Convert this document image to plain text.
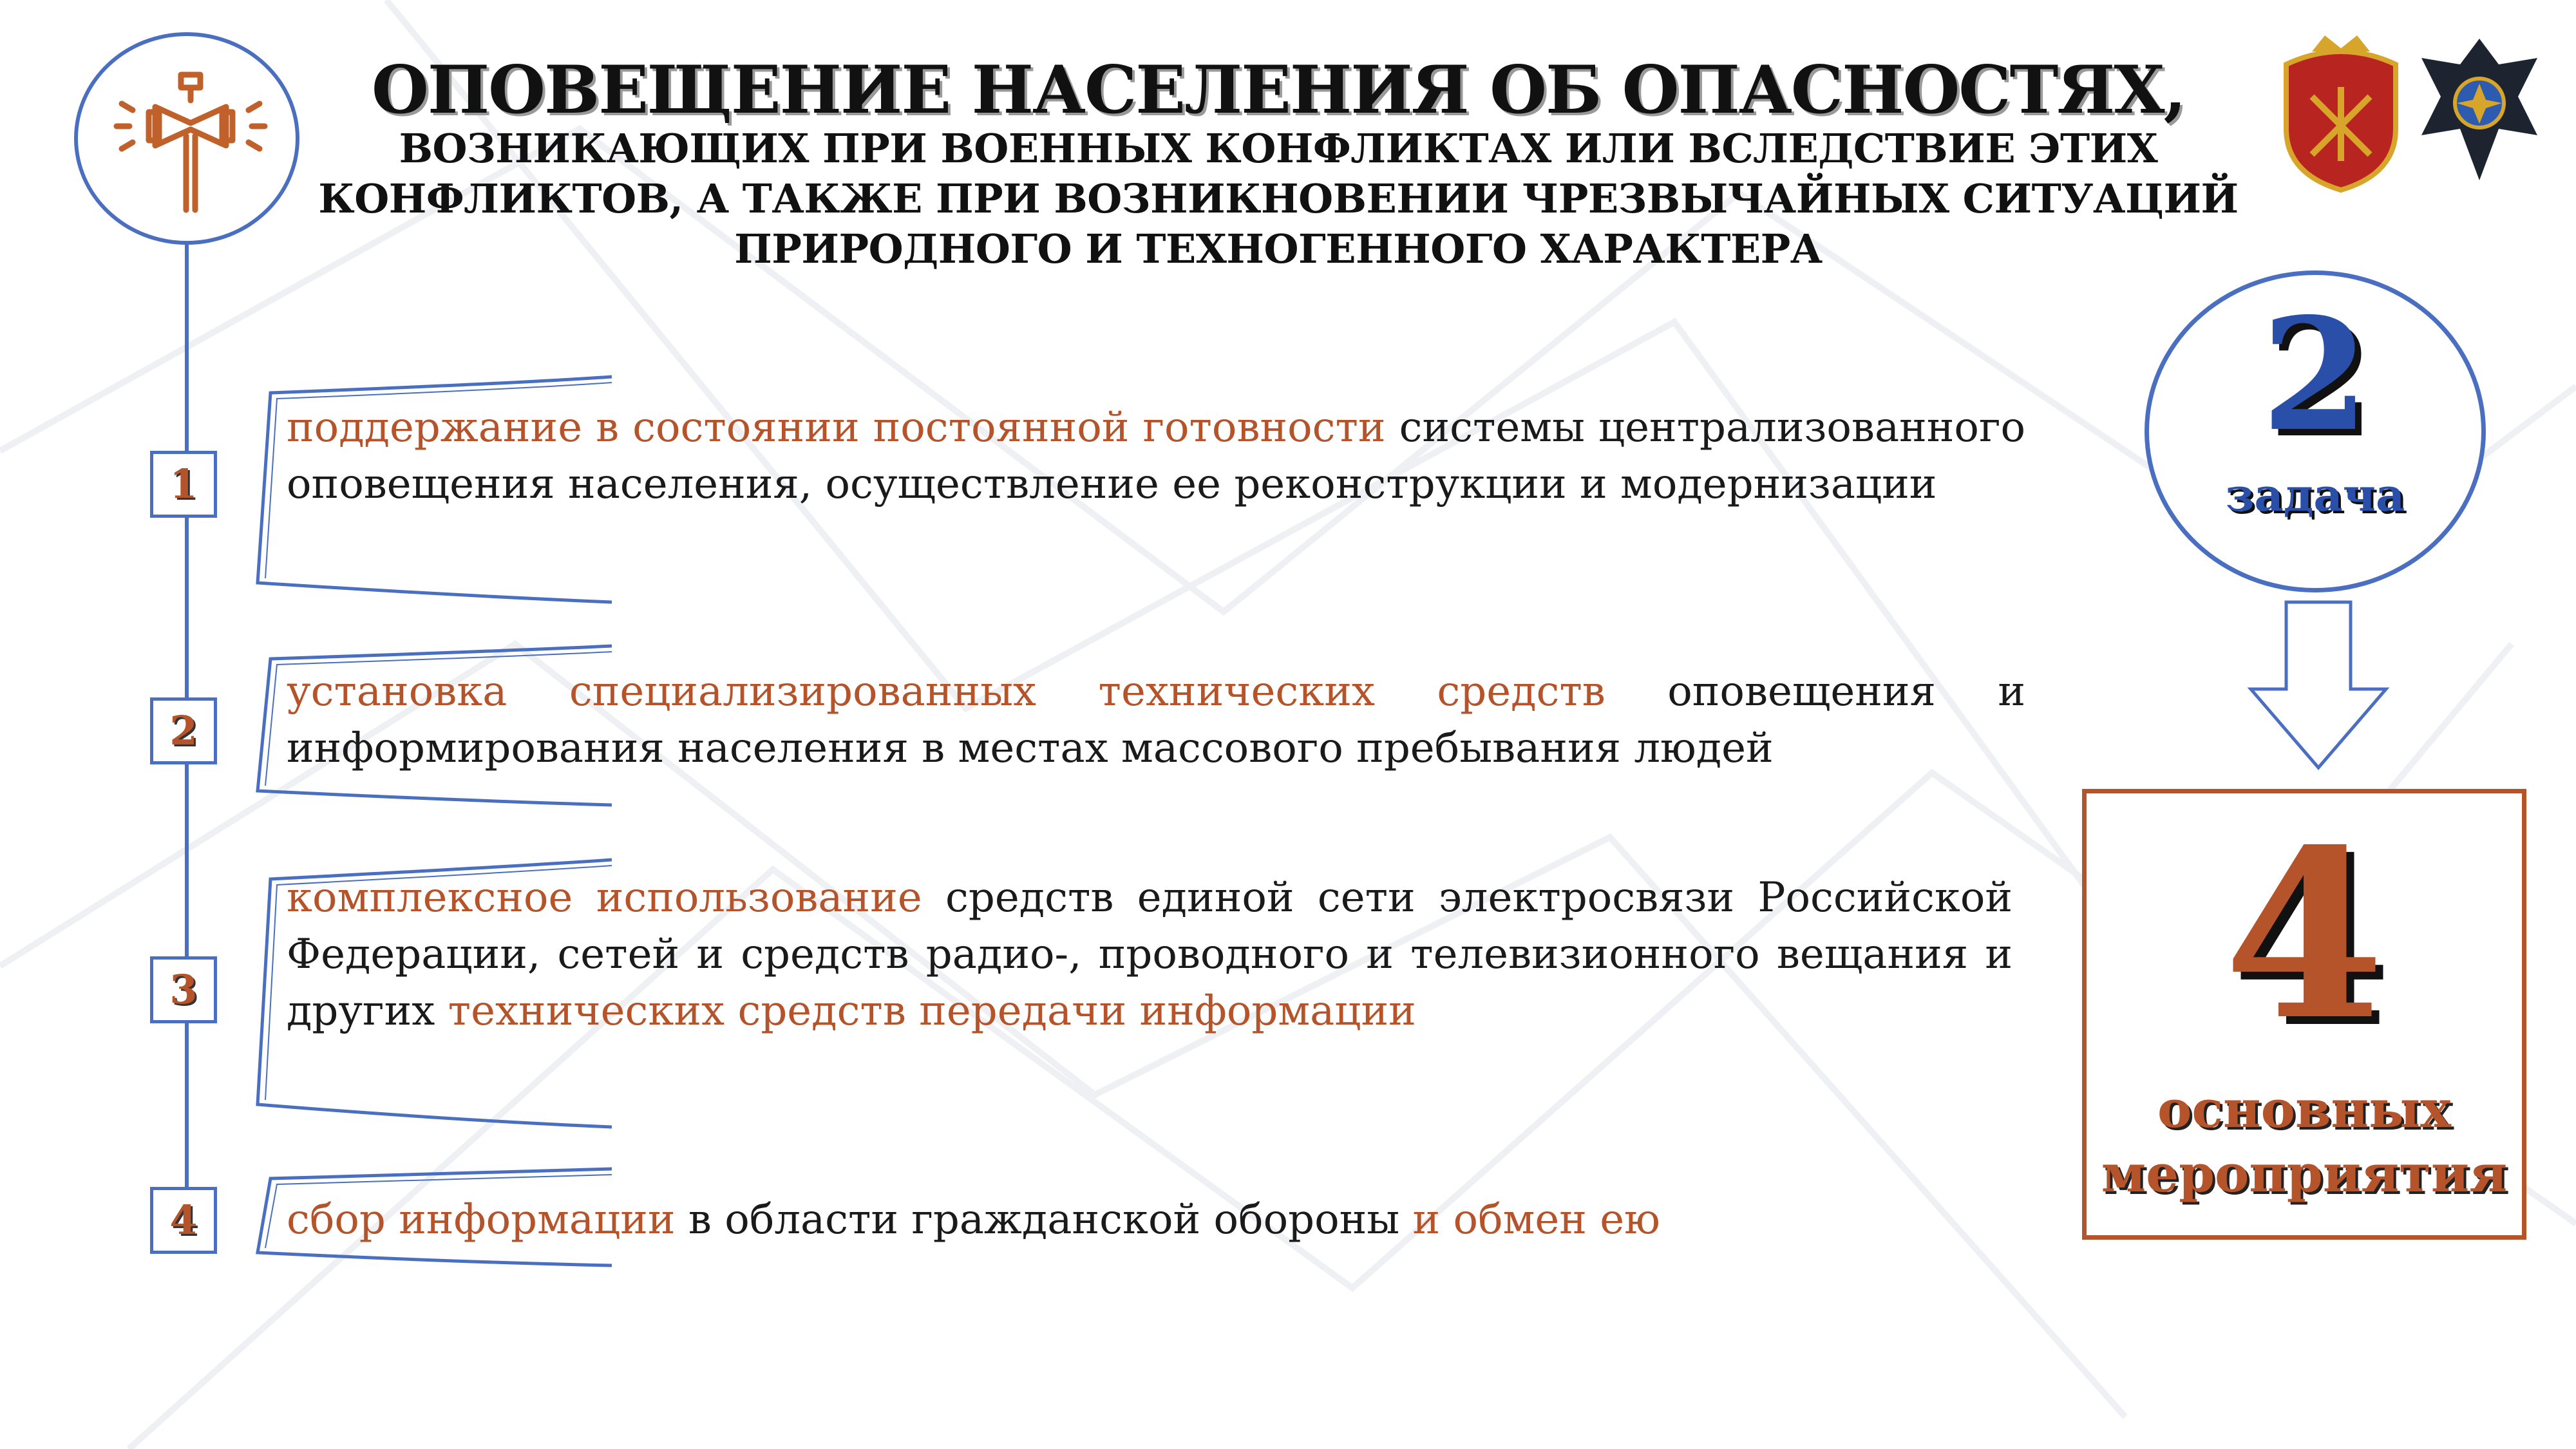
ОПОВЕЩЕНИЕ НАСЕЛЕНИЯ ОБ ОПАСНОСТЯХ,
ВОЗНИКАЮЩИХ ПРИ ВОЕННЫХ КОНФЛИКТАХ ИЛИ ВСЛЕДСТВИЕ ЭТИХ
КОНФЛИКТОВ, А ТАКЖЕ ПРИ ВОЗНИКНОВЕНИИ ЧРЕЗВЫЧАЙНЫХ СИТУАЦИЙ
ПРИРОДНОГО И ТЕХНОГЕННОГО ХАРАКТЕРА
1
поддержание в состоянии постоянной готовности системы централизованного оповещения населения, осуществление ее реконструкции и модернизации
2
установка специализированных технических средств оповещения и информирования населения в местах массового пребывания людей
3
комплексное использование средств единой сети электросвязи Российской Федерации, сетей и средств радио-, проводного и телевизионного вещания и других технических средств передачи информации
4	сбор информации в области гражданской обороны и обмен ею
2
задача
4
основных
мероприятия
